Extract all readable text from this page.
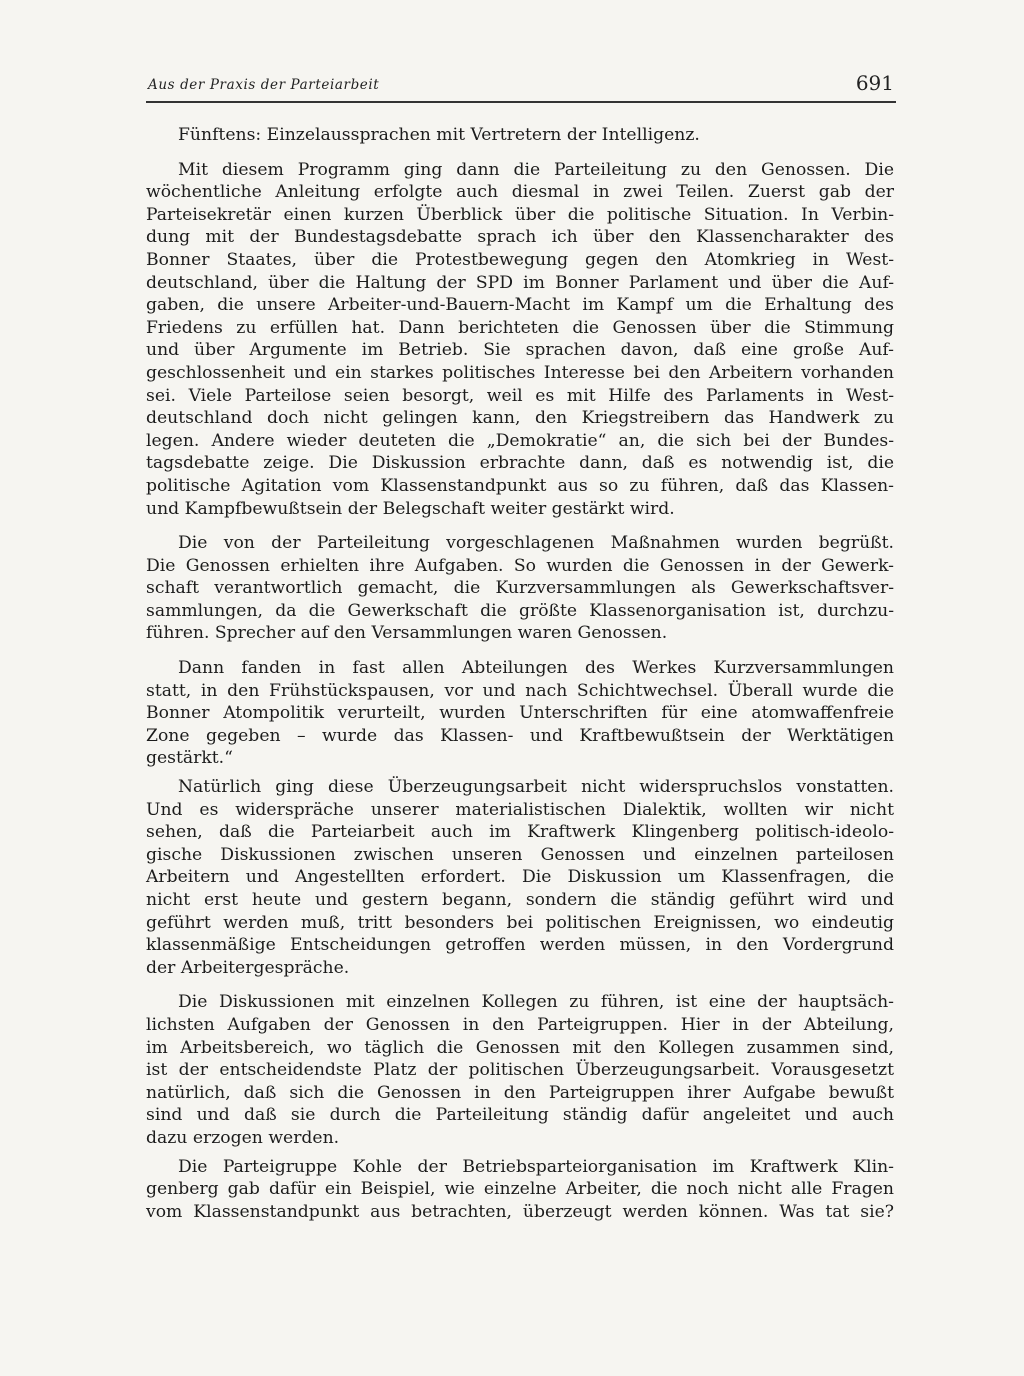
Aus der Praxis der Parteiarbeit	691

Fünftens: Einzelaussprachen mit Vertretern der Intelligenz.

Mit diesem Programm ging dann die Parteileitung zu den Genossen. Die
wöchentliche Anleitung erfolgte auch diesmal in zwei Teilen. Zuerst gab der
Parteisekretär einen kurzen Überblick über die politische Situation. In Verbin-
dung mit der Bundestagsdebatte sprach ich über den Klassencharakter des
Bonner Staates, über die Protestbewegung gegen den Atomkrieg in West-
deutschland, über die Haltung der SPD im Bonner Parlament und über die Auf-
gaben, die unsere Arbeiter-und-Bauern-Macht im Kampf um die Erhaltung des
Friedens zu erfüllen hat. Dann berichteten die Genossen über die Stimmung
und über Argumente im Betrieb. Sie sprachen davon, daß eine große Auf-
geschlossenheit und ein starkes politisches Interesse bei den Arbeitern vorhanden
sei. Viele Parteilose seien besorgt, weil es mit Hilfe des Parlaments in West-
deutschland doch nicht gelingen kann, den Kriegstreibern das Handwerk zu
legen. Andere wieder deuteten die „Demokratie“ an, die sich bei der Bundes-
tagsdebatte zeige. Die Diskussion erbrachte dann, daß es notwendig ist, die
politische Agitation vom Klassenstandpunkt aus so zu führen, daß das Klassen-
und Kampfbewußtsein der Belegschaft weiter gestärkt wird.

Die von der Parteileitung vorgeschlagenen Maßnahmen wurden begrüßt.
Die Genossen erhielten ihre Aufgaben. So wurden die Genossen in der Gewerk-
schaft verantwortlich gemacht, die Kurzversammlungen als Gewerkschaftsver-
sammlungen, da die Gewerkschaft die größte Klassenorganisation ist, durchzu-
führen. Sprecher auf den Versammlungen waren Genossen.

Dann fanden in fast allen Abteilungen des Werkes Kurzversammlungen
statt, in den Frühstückspausen, vor und nach Schichtwechsel. Überall wurde die
Bonner Atompolitik verurteilt, wurden Unterschriften für eine atomwaffenfreie
Zone gegeben – wurde das Klassen- und Kraftbewußtsein der Werktätigen
gestärkt.“

Natürlich ging diese Überzeugungsarbeit nicht widerspruchslos vonstatten.
Und es widerspräche unserer materialistischen Dialektik, wollten wir nicht
sehen, daß die Parteiarbeit auch im Kraftwerk Klingenberg politisch-ideolo-
gische Diskussionen zwischen unseren Genossen und einzelnen parteilosen
Arbeitern und Angestellten erfordert. Die Diskussion um Klassenfragen, die
nicht erst heute und gestern begann, sondern die ständig geführt wird und
geführt werden muß, tritt besonders bei politischen Ereignissen, wo eindeutig
klassenmäßige Entscheidungen getroffen werden müssen, in den Vordergrund
der Arbeitergespräche.

Die Diskussionen mit einzelnen Kollegen zu führen, ist eine der hauptsäch-
lichsten Aufgaben der Genossen in den Parteigruppen. Hier in der Abteilung,
im Arbeitsbereich, wo täglich die Genossen mit den Kollegen zusammen sind,
ist der entscheidendste Platz der politischen Überzeugungsarbeit. Vorausgesetzt
natürlich, daß sich die Genossen in den Parteigruppen ihrer Aufgabe bewußt
sind und daß sie durch die Parteileitung ständig dafür angeleitet und auch
dazu erzogen werden.

Die Parteigruppe Kohle der Betriebsparteiorganisation im Kraftwerk Klin-
genberg gab dafür ein Beispiel, wie einzelne Arbeiter, die noch nicht alle Fragen
vom Klassenstandpunkt aus betrachten, überzeugt werden können. Was tat sie?
